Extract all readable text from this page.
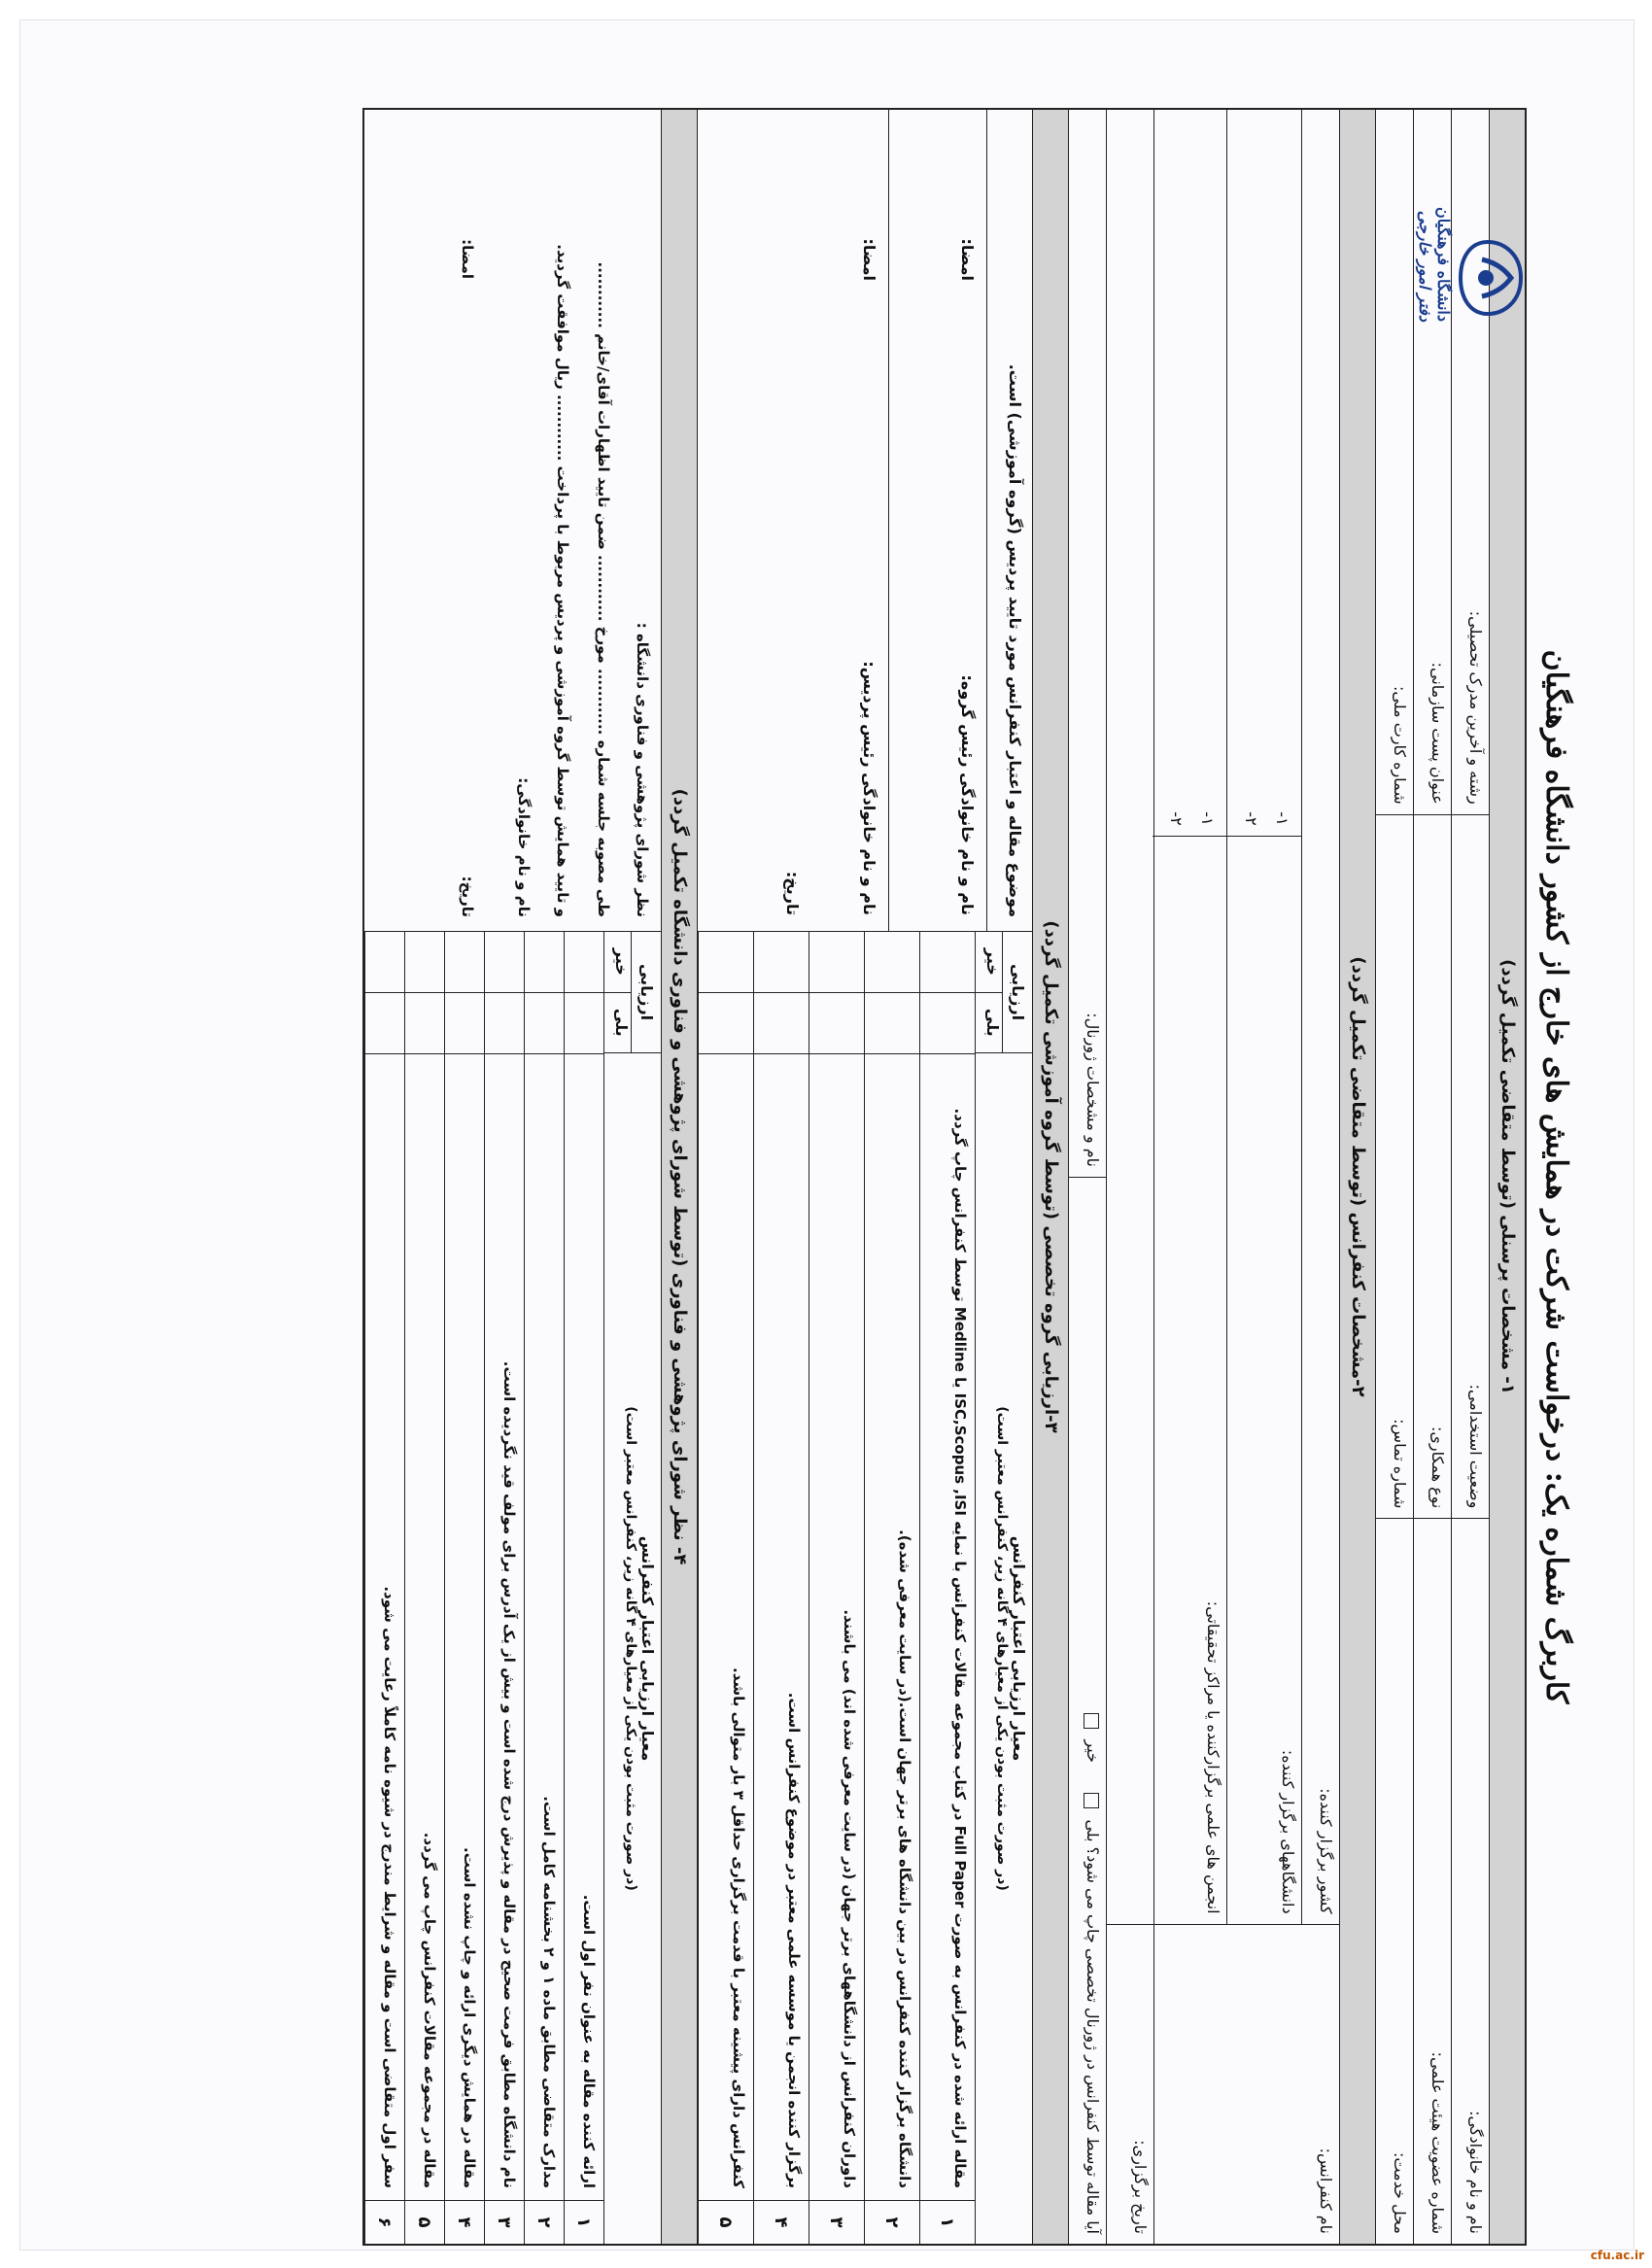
کاربرگ شماره یک: درخواست شرکت در همایش های خارج از کشور دانشگاه فرهنگیان
۱- مشخصات پرسنلی (توسط متقاضی تکمیل گردد)
نام و نام خانوادگی:
وضعیت استخدامی:
رشته و آخرین مدرک تحصیلی:
شماره عضویت هیئت علمی:
نوع همکاری:
عنوان پست سازمانی:
محل خدمت:
شماره تماس:
شماره کارت ملی:
۲-مشخصات کنفرانس (توسط متقاضی تکمیل گردد)
نام کنفرانس:
کشور برگزار کننده:
دانشگاههای برگزار کننده:
۱-
۲-
انجمن های علمی برگزارکننده یا مراکز تحقیقاتی:
۱-
۲-
تاریخ برگزاری:
آیا مقاله توسط کنفرانس در ژورنال تخصصی چاپ می شود؟ بلی      خیر
نام و مشخصات ژورنال:
۳-ارزیابی گروه تخصصی (توسط گروه آموزشی تکمیل گردد)
معیار ارزیابی اعتبار کنفرانس
(در صورت مثبت بودن یکی از معیارهای ۴ گانه زیر، کنفرانس معتبر است)
ارزیابی
بلی
خیر
۱
مقاله ارائه شده در کنفرانس به صورت Full Paper در کتاب مجموعه مقالات کنفرانس با نمایه ISC,Scopus ,ISI یا Medline توسط کنفرانس چاپ گردد.
۲
دانشگاه برگزار کننده کنفرانس در بین دانشگاه های برتر جهان است.(در سایت معرفی شده).
۳
داوران کنفرانس از دانشگاههای برتر جهان (در سایت معرفی شده اند) می باشند.
۴
برگزار کننده انجمن یا موسسه علمی معتبر در موضوع کنفرانس است.
۵
کنفرانس دارای پیشینه معتبر با قدمت برگزاری حداقل ۳ بار متوالی باشد.
موضوع مقاله و اعتبار کنفرانس مورد تایید پردیس (گروه آموزشی) است.
نام و نام خانوادگی رئیس گروه:
امضا:
نام و نام خانوادگی رئیس پردیس:
تاریخ:
امضا:
۴- نظر شورای پژوهشی و فناوری (توسط شورای پژوهشی و فناوری دانشگاه تکمیل گردد)
معیار ارزیابی اعتبار کنفرانس
(در صورت مثبت بودن یکی از معیارهای ۴ گانه زیر، کنفرانس معتبر است)
ارزیابی
بلی
خیر
۱
ارائه کننده مقاله به عنوان نفر اول است.
۲
مدارک متقاضی مطابق ماده ۱ و ۲ بخشنامه کامل است.
۳
نام دانشگاه مطابق فرمت صحیح در مقاله و پذیرش درج شده است و بیش از یک آدرس برای مولف قید نگردیده است.
۴
مقاله در همایش دیگری ارائه و چاپ نشده است.
۵
مقاله در مجموعه مقالات کنفرانس چاپ می گردد.
۶
سفر اول متقاضی است و مقاله و شرایط مندرج در شیوه نامه کاملاً رعایت می شود.
نظر شورای پژوهشی و فناوری دانشگاه :
طی مصوبه جلسه شماره ............ مورخ ............ ضمن تایید اظهارات آقای/خانم ............
و تایید همایش توسط گروه آموزشی و پردیس مربوط با پرداخت ............ ریال موافقت گردید.
نام و نام خانوادگی:
تاریخ:
امضا:	دانشگاه فرهنگیان
دفتر امور خارجی
cfu.ac.ir
